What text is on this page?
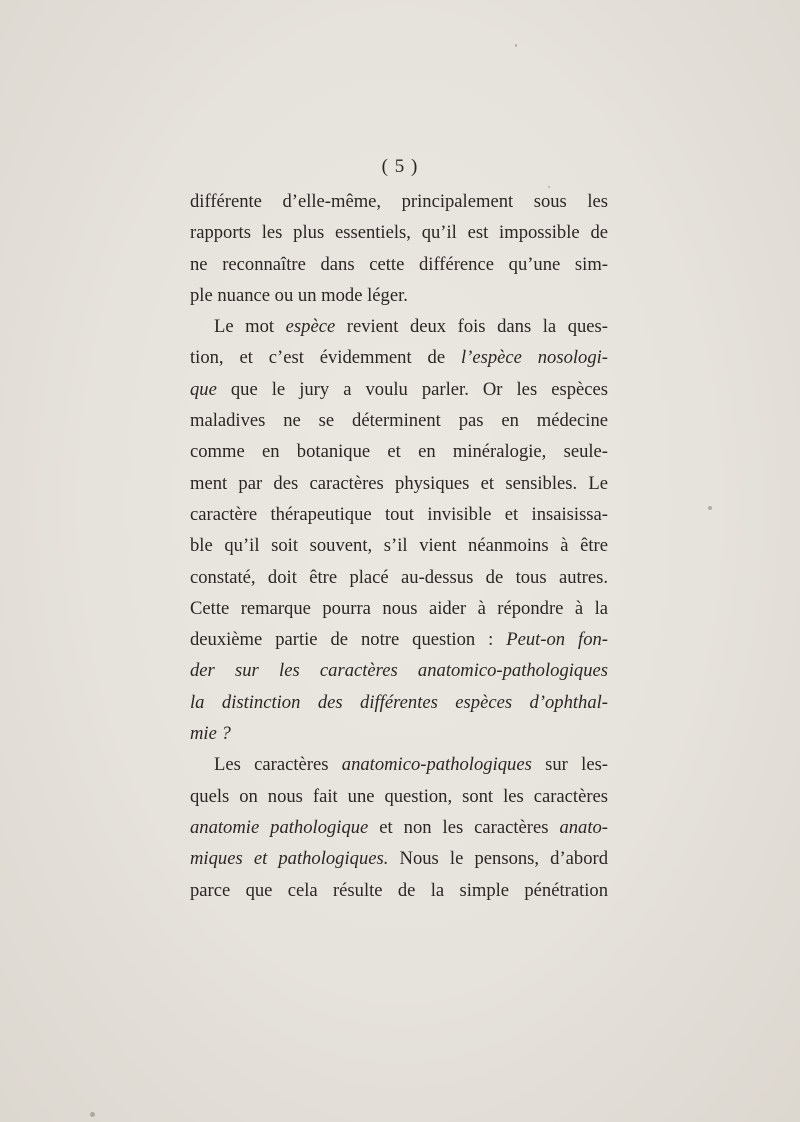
( 5 )
différente d’elle-même, principalement sous les
rapports les plus essentiels, qu’il est impossible de
ne reconnaître dans cette différence qu’une sim-
ple nuance ou un mode léger.
Le mot espèce revient deux fois dans la ques-
tion, et c’est évidemment de l’espèce nosologi-
que que le jury a voulu parler. Or les espèces
maladives ne se déterminent pas en médecine
comme en botanique et en minéralogie, seule-
ment par des caractères physiques et sensibles. Le
caractère thérapeutique tout invisible et insaisissa-
ble qu’il soit souvent, s’il vient néanmoins à être
constaté, doit être placé au-dessus de tous autres.
Cette remarque pourra nous aider à répondre à la
deuxième partie de notre question : Peut-on fon-
der sur les caractères anatomico-pathologiques
la distinction des différentes espèces d’ophthal-
mie ?
Les caractères anatomico-pathologiques sur les-
quels on nous fait une question, sont les caractères
anatomie pathologique et non les caractères anato-
miques et pathologiques. Nous le pensons, d’abord
parce que cela résulte de la simple pénétration
